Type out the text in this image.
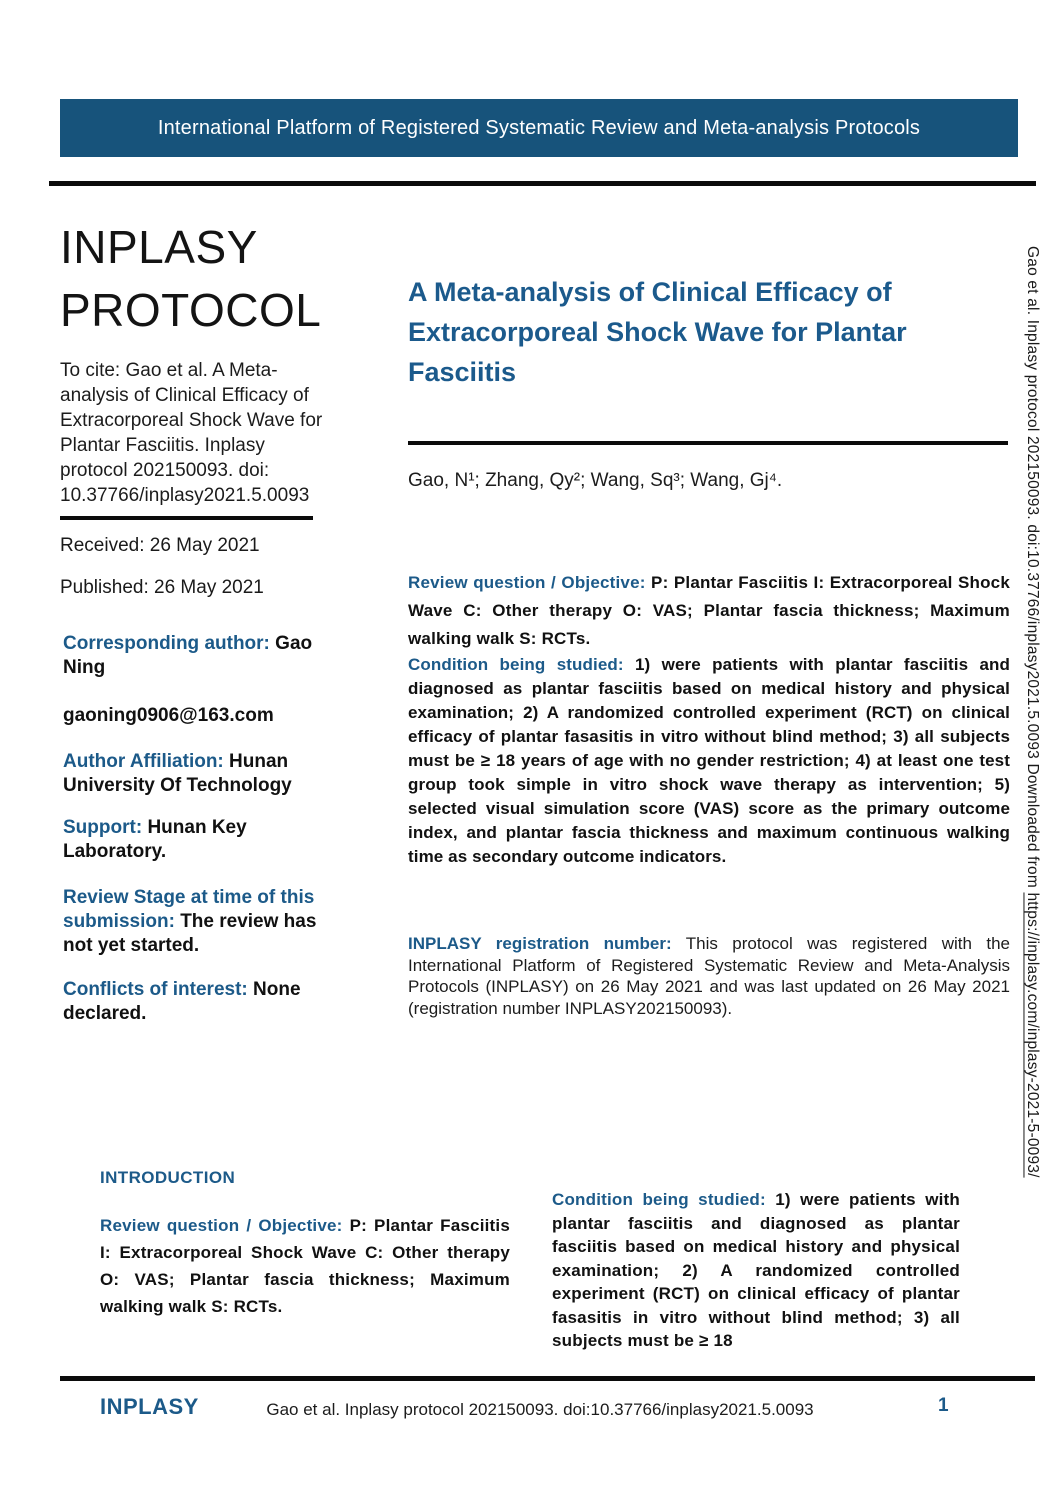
International Platform of Registered Systematic Review and Meta-analysis Protocols
INPLASY
PROTOCOL

To cite: Gao et al. A Meta-analysis of Clinical Efficacy of Extracorporeal Shock Wave for Plantar Fasciitis. Inplasy protocol 202150093. doi: 10.37766/inplasy2021.5.0093

Received: 26 May 2021

Published: 26 May 2021

Corresponding author: Gao Ning
gaoning0906@163.com
Author Affiliation: Hunan University Of Technology
Support: Hunan Key Laboratory.
Review Stage at time of this submission: The review has not yet started.
Conflicts of interest: None declared.
A Meta-analysis of Clinical Efficacy of Extracorporeal Shock Wave for Plantar Fasciitis

Gao, N¹; Zhang, Qy²; Wang, Sq³; Wang, Gj⁴.

Review question / Objective: P: Plantar Fasciitis I: Extracorporeal Shock Wave C: Other therapy O: VAS; Plantar fascia thickness; Maximum walking walk S: RCTs.

Condition being studied: 1) were patients with plantar fasciitis and diagnosed as plantar fasciitis based on medical history and physical examination; 2) A randomized controlled experiment (RCT) on clinical efficacy of plantar fasasitis in vitro without blind method; 3) all subjects must be ≥ 18 years of age with no gender restriction; 4) at least one test group took simple in vitro shock wave therapy as intervention; 5) selected visual simulation score (VAS) score as the primary outcome index, and plantar fascia thickness and maximum continuous walking time as secondary outcome indicators.

INPLASY registration number: This protocol was registered with the International Platform of Registered Systematic Review and Meta-Analysis Protocols (INPLASY) on 26 May 2021 and was last updated on 26 May 2021 (registration number INPLASY202150093).

INTRODUCTION
Review question / Objective: P: Plantar Fasciitis I: Extracorporeal Shock Wave C: Other therapy O: VAS; Plantar fascia thickness; Maximum walking walk S: RCTs.
Condition being studied: 1) were patients with plantar fasciitis and diagnosed as plantar fasciitis based on medical history and physical examination; 2) A randomized controlled experiment (RCT) on clinical efficacy of plantar fasasitis in vitro without blind method; 3) all subjects must be ≥ 18
INPLASY	Gao et al. Inplasy protocol 202150093. doi:10.37766/inplasy2021.5.0093	1
Gao et al. Inplasy protocol 202150093. doi:10.37766/inplasy2021.5.0093 Downloaded from https://inplasy.com/inplasy-2021-5-0093/
